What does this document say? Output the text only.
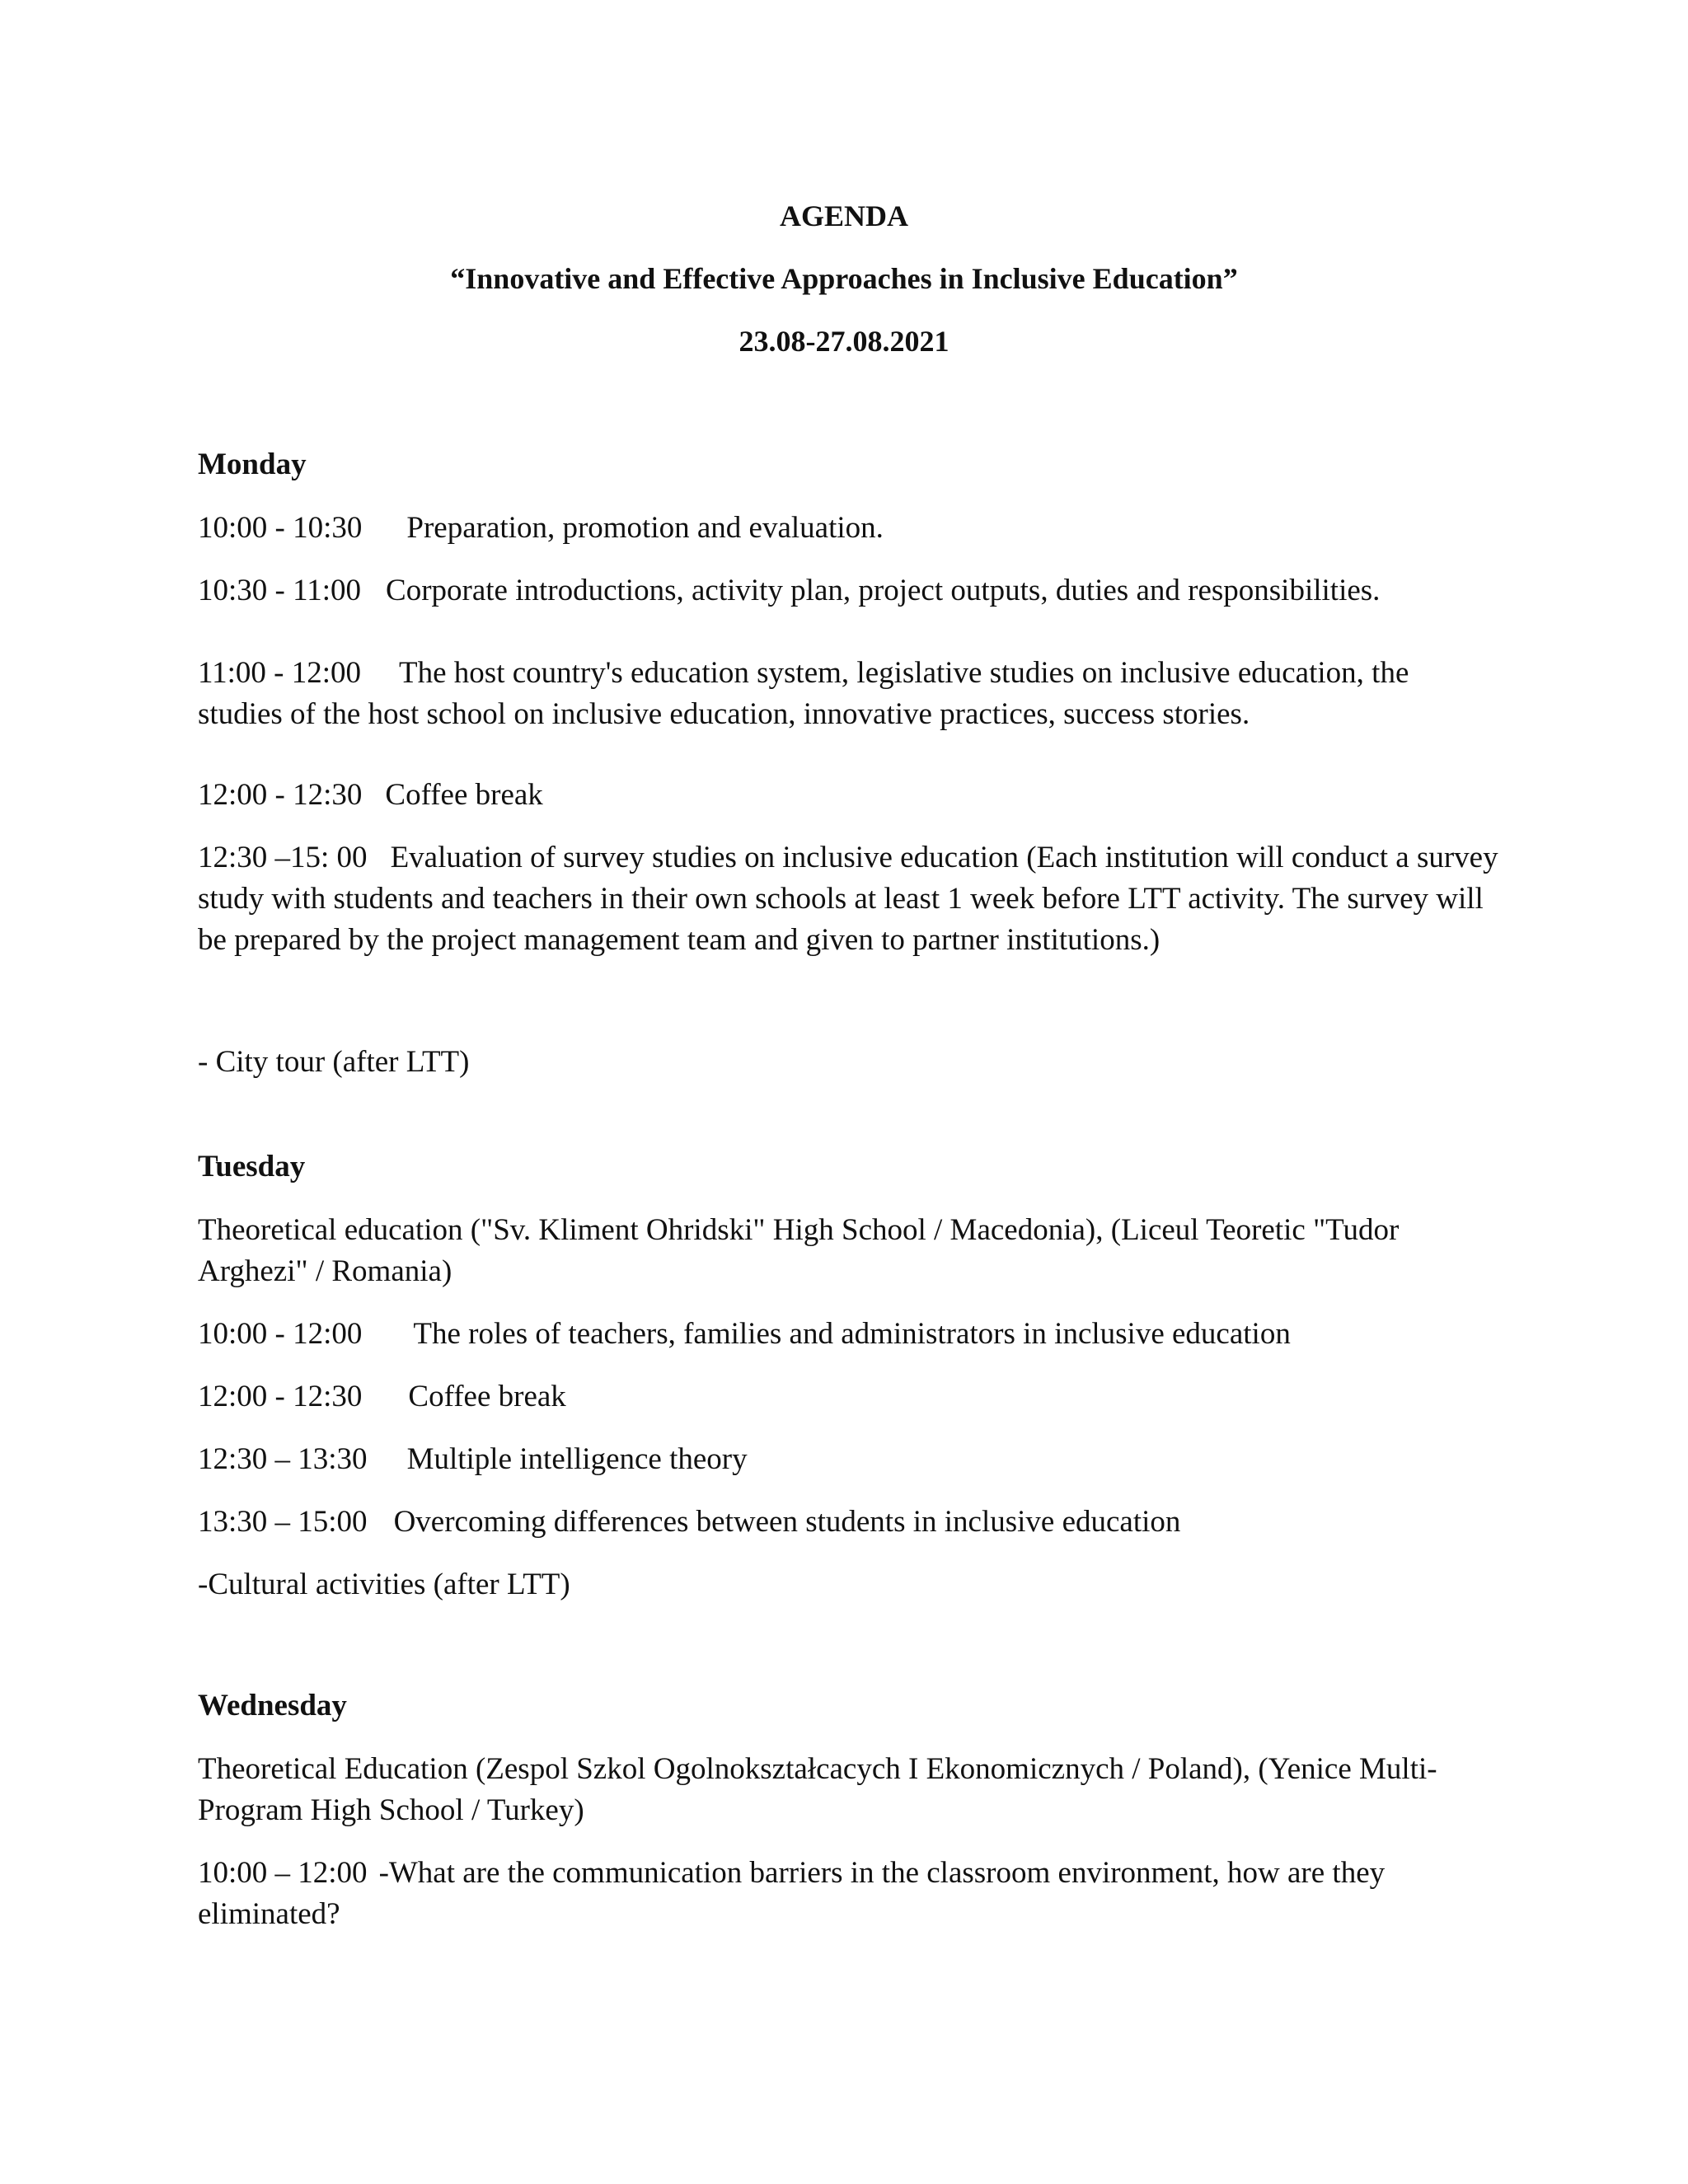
AGENDA
“Innovative and Effective Approaches in Inclusive Education”
23.08-27.08.2021
Monday
10:00 - 10:30 Preparation, promotion and evaluation.
10:30 - 11:00 Corporate introductions, activity plan, project outputs, duties and responsibilities.
11:00 - 12:00 The host country's education system, legislative studies on inclusive education, the studies of the host school on inclusive education, innovative practices, success stories.
12:00 - 12:30 Coffee break
12:30 –15: 00 Evaluation of survey studies on inclusive education (Each institution will conduct a survey study with students and teachers in their own schools at least 1 week before LTT activity. The survey will be prepared by the project management team and given to partner institutions.)
- City tour (after LTT)
Tuesday
Theoretical education ("Sv. Kliment Ohridski" High School / Macedonia), (Liceul Teoretic "Tudor Arghezi" / Romania)
10:00 - 12:00 The roles of teachers, families and administrators in inclusive education
12:00 - 12:30 Coffee break
12:30 – 13:30 Multiple intelligence theory
13:30 – 15:00 Overcoming differences between students in inclusive education
-Cultural activities (after LTT)
Wednesday
Theoretical Education (Zespol Szkol Ogolnokształcacych I Ekonomicznych / Poland), (Yenice Multi-Program High School / Turkey)
10:00 – 12:00 -What are the communication barriers in the classroom environment, how are they eliminated?
